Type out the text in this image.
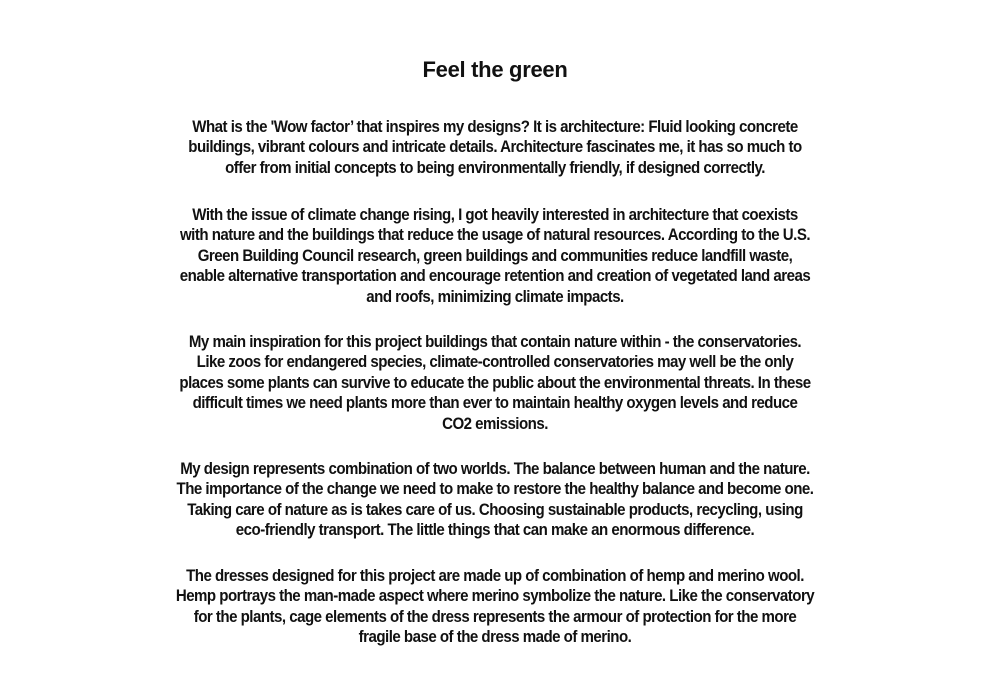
Feel the green

What is the 'Wow factor’ that inspires my designs? It is architecture: Fluid looking concrete
buildings, vibrant colours and intricate details. Architecture fascinates me, it has so much to
offer from initial concepts to being environmentally friendly, if designed correctly.

With the issue of climate change rising, I got heavily interested in architecture that coexists
with nature and the buildings that reduce the usage of natural resources. According to the U.S.
Green Building Council research, green buildings and communities reduce landfill waste,
enable alternative transportation and encourage retention and creation of vegetated land areas
and roofs, minimizing climate impacts.

My main inspiration for this project buildings that contain nature within - the conservatories.
Like zoos for endangered species, climate-controlled conservatories may well be the only
places some plants can survive to educate the public about the environmental threats. In these
difficult times we need plants more than ever to maintain healthy oxygen levels and reduce
CO2 emissions.

My design represents combination of two worlds. The balance between human and the nature.
The importance of the change we need to make to restore the healthy balance and become one.
Taking care of nature as is takes care of us. Choosing sustainable products, recycling, using
eco-friendly transport. The little things that can make an enormous difference.

The dresses designed for this project are made up of combination of hemp and merino wool.
Hemp portrays the man-made aspect where merino symbolize the nature. Like the conservatory
for the plants, cage elements of the dress represents the armour of protection for the more
fragile base of the dress made of merino.
